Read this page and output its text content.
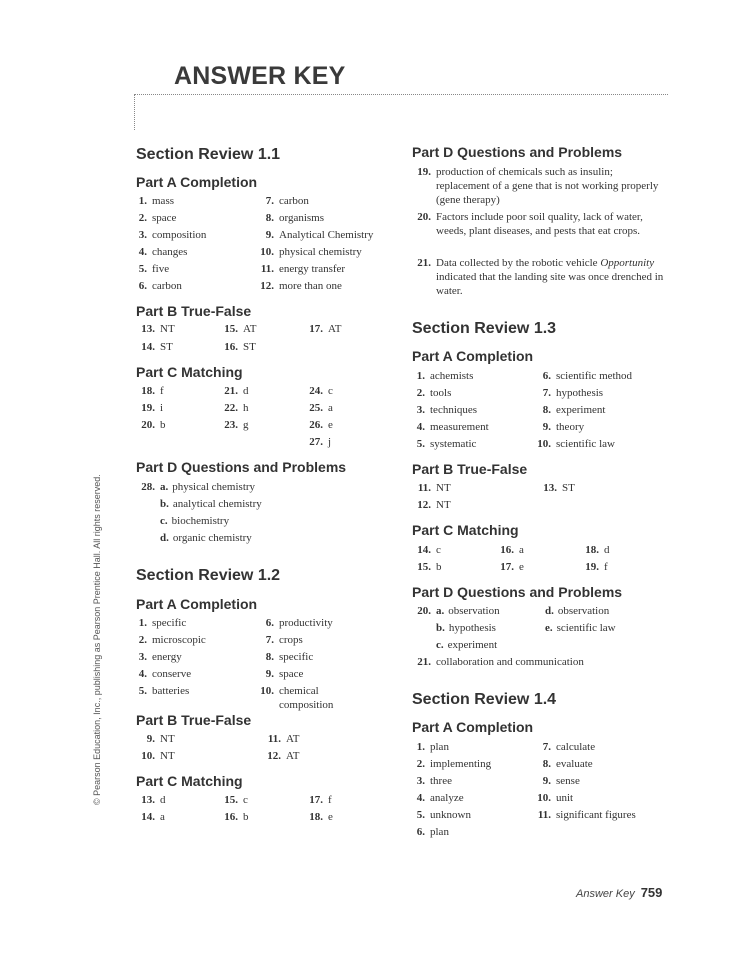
ANSWER KEY
© Pearson Education, Inc., publishing as Pearson Prentice Hall. All rights reserved.
Section Review 1.1
Part A Completion
1. mass
2. space
3. composition
4. changes
5. five
6. carbon
7. carbon
8. organisms
9. Analytical Chemistry
10. physical chemistry
11. energy transfer
12. more than one
Part B True-False
13. NT
14. ST
15. AT
16. ST
17. AT
Part C Matching
18. f
19. i
20. b
21. d
22. h
23. g
24. c
25. a
26. e
27. j
Part D Questions and Problems
28. a. physical chemistry
b. analytical chemistry
c. biochemistry
d. organic chemistry
Section Review 1.2
Part A Completion
1. specific
2. microscopic
3. energy
4. conserve
5. batteries
6. productivity
7. crops
8. specific
9. space
10. chemical composition
Part B True-False
9. NT
10. NT
11. AT
12. AT
Part C Matching
13. d
14. a
15. c
16. b
17. f
18. e
Part D Questions and Problems
19. production of chemicals such as insulin; replacement of a gene that is not working properly (gene therapy)
20. Factors include poor soil quality, lack of water, weeds, plant diseases, and pests that eat crops.
21. Data collected by the robotic vehicle Opportunity indicated that the landing site was once drenched in water.
Section Review 1.3
Part A Completion
1. achemists
2. tools
3. techniques
4. measurement
5. systematic
6. scientific method
7. hypothesis
8. experiment
9. theory
10. scientific law
Part B True-False
11. NT
12. NT
13. ST
Part C Matching
14. c
15. b
16. a
17. e
18. d
19. f
Part D Questions and Problems
20. a. observation
b. hypothesis
c. experiment
d. observation
e. scientific law
21. collaboration and communication
Section Review 1.4
Part A Completion
1. plan
2. implementing
3. three
4. analyze
5. unknown
6. plan
7. calculate
8. evaluate
9. sense
10. unit
11. significant figures
Answer Key 759
